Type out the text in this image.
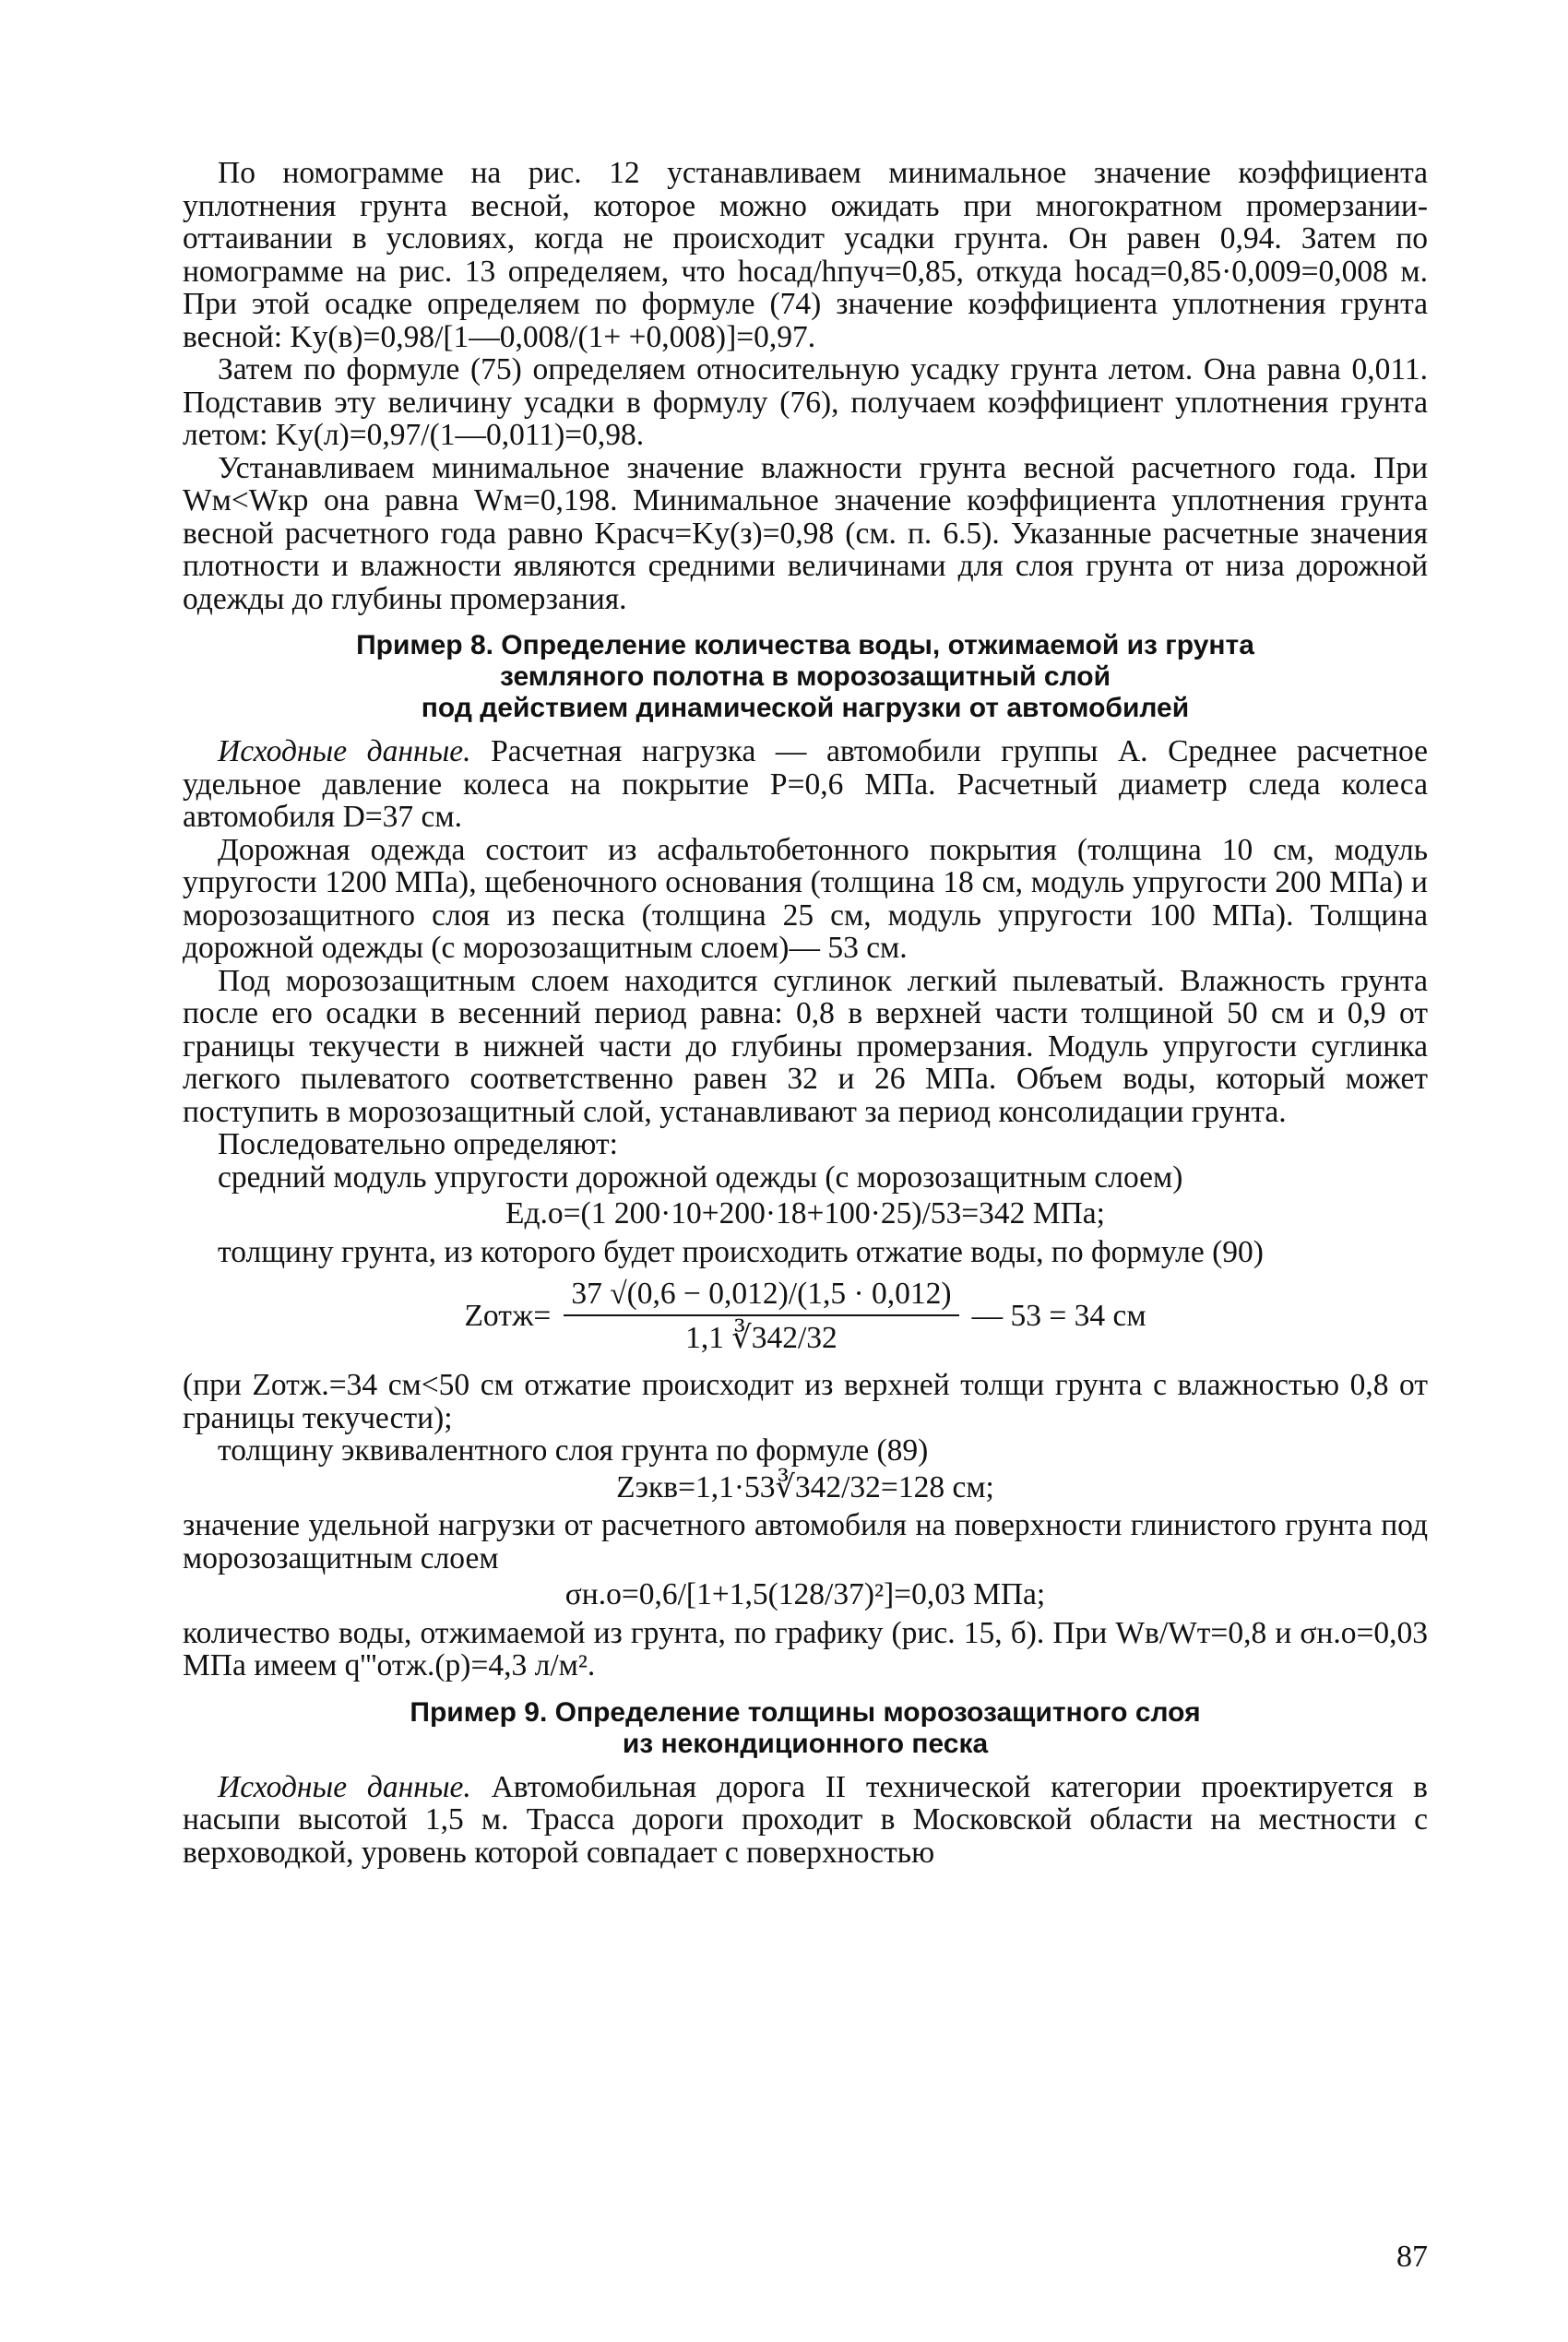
По номограмме на рис. 12 устанавливаем минимальное значение коэффициента уплотнения грунта весной, которое можно ожидать при многократном промерзании-оттаивании в условиях, когда не происходит усадки грунта. Он равен 0,94. Затем по номограмме на рис. 13 определяем, что hосад/hпуч=0,85, откуда hосад=0,85·0,009=0,008 м. При этой осадке определяем по формуле (74) значение коэффициента уплотнения грунта весной: Kу(в)=0,98/[1—0,008/(1+ +0,008)]=0,97.

Затем по формуле (75) определяем относительную усадку грунта летом. Она равна 0,011. Подставив эту величину усадки в формулу (76), получаем коэффициент уплотнения грунта летом: Kу(л)=0,97/(1—0,011)=0,98.

Устанавливаем минимальное значение влажности грунта весной расчетного года. При Wм<Wкр она равна Wм=0,198. Минимальное значение коэффициента уплотнения грунта весной расчетного года равно Kрасч=Kу(з)=0,98 (см. п. 6.5). Указанные расчетные значения плотности и влажности являются средними величинами для слоя грунта от низа дорожной одежды до глубины промерзания.

Пример 8. Определение количества воды, отжимаемой из грунта
земляного полотна в морозозащитный слой
под действием динамической нагрузки от автомобилей

Исходные данные. Расчетная нагрузка — автомобили группы А. Среднее расчетное удельное давление колеса на покрытие P=0,6 МПа. Расчетный диаметр следа колеса автомобиля D=37 см.

Дорожная одежда состоит из асфальтобетонного покрытия (толщина 10 см, модуль упругости 1200 МПа), щебеночного основания (толщина 18 см, модуль упругости 200 МПа) и морозозащитного слоя из песка (толщина 25 см, модуль упругости 100 МПа). Толщина дорожной одежды (с морозозащитным слоем)— 53 см.

Под морозозащитным слоем находится суглинок легкий пылеватый. Влажность грунта после его осадки в весенний период равна: 0,8 в верхней части толщиной 50 см и 0,9 от границы текучести в нижней части до глубины промерзания. Модуль упругости суглинка легкого пылеватого соответственно равен 32 и 26 МПа. Объем воды, который может поступить в морозозащитный слой, устанавливают за период консолидации грунта.

Последовательно определяют:

средний модуль упругости дорожной одежды (с морозозащитным слоем)

Eд.о=(1 200·10+200·18+100·25)/53=342 МПа;

толщину грунта, из которого будет происходить отжатие воды, по формуле (90)

Zотж= $\frac{37 √(0,6 - 0,012)/(1,5 \cdot 0,012)}{1,1 ∛342/32}$ — 53 = 34 см

(при Zотж.=34 см<50 см отжатие происходит из верхней толщи грунта с влажностью 0,8 от границы текучести);

толщину эквивалентного слоя грунта по формуле (89)

Zэкв=1,1·53∛342/32=128 см;

значение удельной нагрузки от расчетного автомобиля на поверхности глинистого грунта под морозозащитным слоем

σн.о=0,6/[1+1,5(128/37)²]=0,03 МПа;

количество воды, отжимаемой из грунта, по графику (рис. 15, б). При Wв/Wт=0,8 и σн.о=0,03 МПа имеем q'''отж.(р)=4,3 л/м².

Пример 9. Определение толщины морозозащитного слоя
из некондиционного песка

Исходные данные. Автомобильная дорога II технической категории проектируется в насыпи высотой 1,5 м. Трасса дороги проходит в Московской области на местности с верховодкой, уровень которой совпадает с поверхностью

87
